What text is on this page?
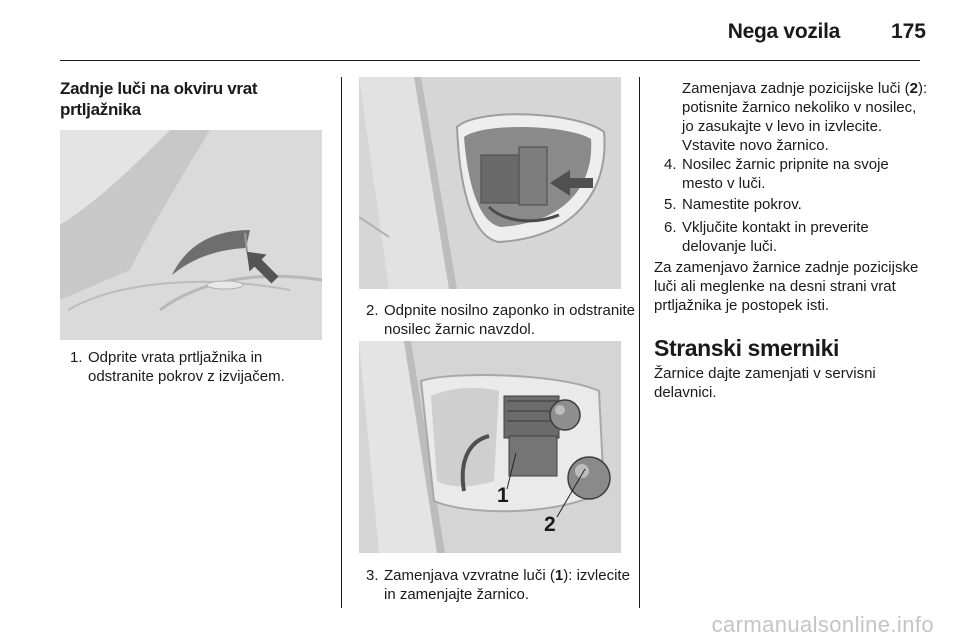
Nega vozila	175
Zadnje luči na okviru vrat prtljažnika
1. Odprite vrata prtljažnika in odstranite pokrov z izvijačem.
2. Odpnite nosilno zaponko in odstranite nosilec žarnic navzdol.
1
2
3. Zamenjava vzvratne luči (1): izvlecite in zamenjajte žarnico.
Zamenjava zadnje pozicijske luči (2): potisnite žarnico nekoliko v nosilec, jo zasukajte v levo in izvlecite. Vstavite novo žarnico.
4. Nosilec žarnic pripnite na svoje mesto v luči.
5. Namestite pokrov.
6. Vključite kontakt in preverite delovanje luči.
Za zamenjavo žarnice zadnje pozicijske luči ali meglenke na desni strani vrat prtljažnika je postopek isti.
Stranski smerniki
Žarnice dajte zamenjati v servisni delavnici.
carmanualsonline.info
